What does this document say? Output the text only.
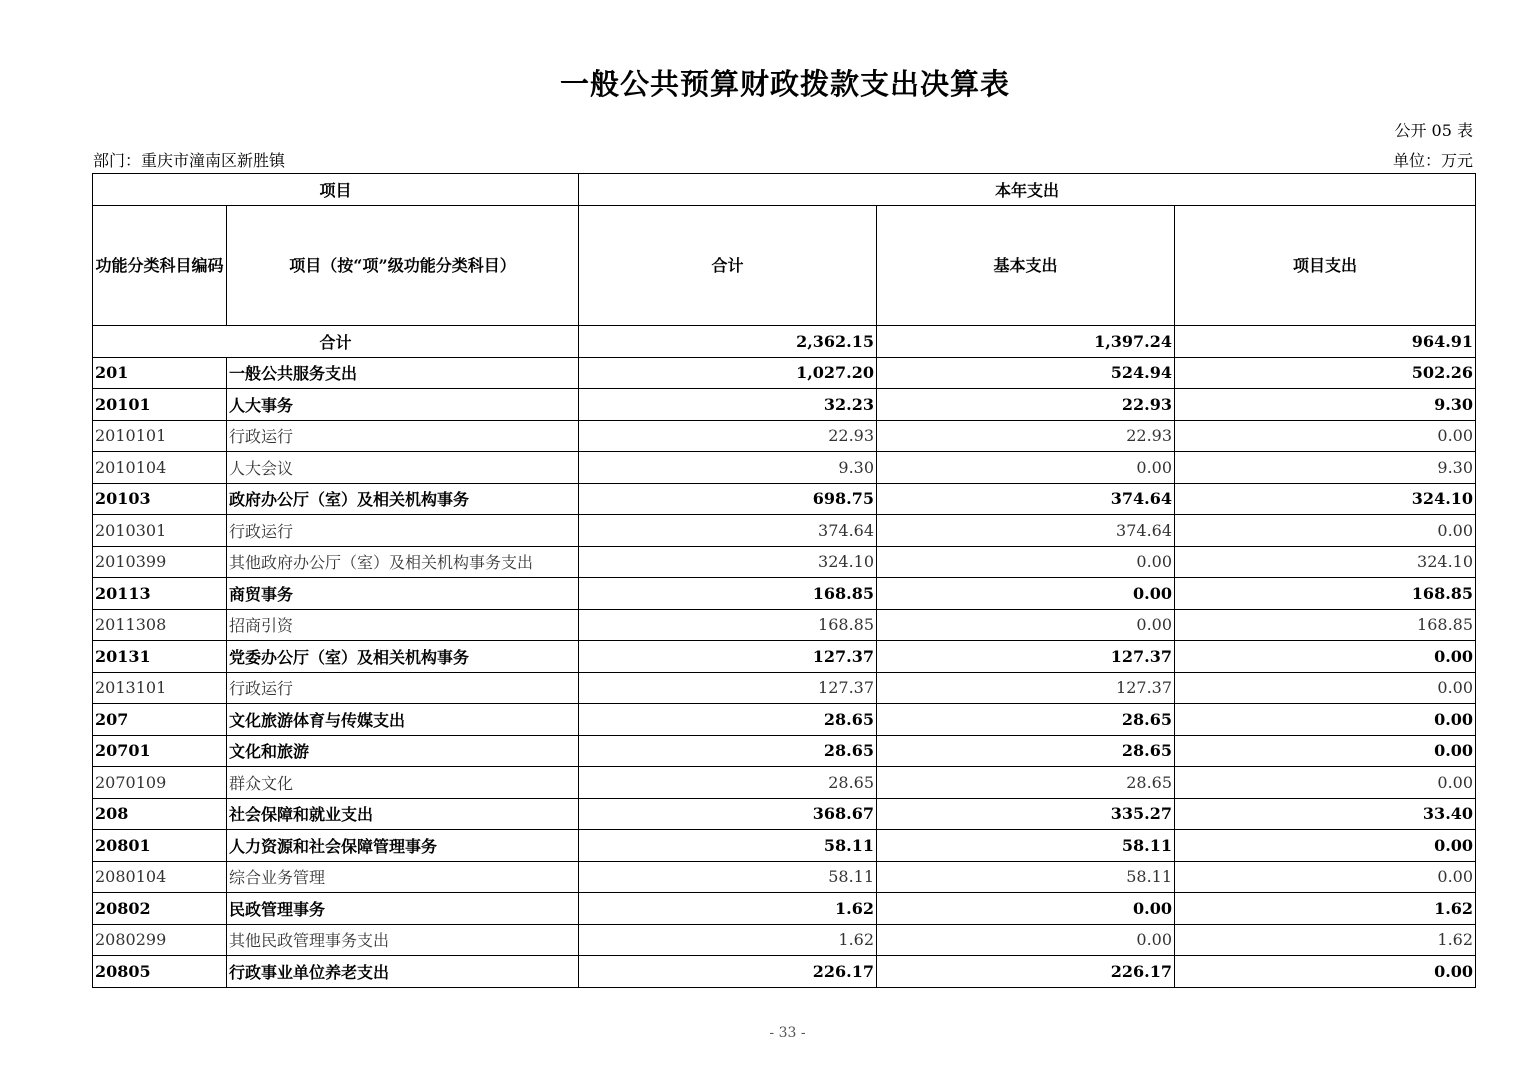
一般公共预算财政拨款支出决算表
公开 05 表
部门：重庆市潼南区新胜镇	单位：万元
项目		本年支出		
功能分类科目编码	项目（按“项”级功能分类科目）	合计	基本支出	项目支出
合计		2,362.15	1,397.24	964.91
201	一般公共服务支出	1,027.20	524.94	502.26
20101	人大事务	32.23	22.93	9.30
2010101	行政运行	22.93	22.93	0.00
2010104	人大会议	9.30	0.00	9.30
20103	政府办公厅（室）及相关机构事务	698.75	374.64	324.10
2010301	行政运行	374.64	374.64	0.00
2010399	其他政府办公厅（室）及相关机构事务支出	324.10	0.00	324.10
20113	商贸事务	168.85	0.00	168.85
2011308	招商引资	168.85	0.00	168.85
20131	党委办公厅（室）及相关机构事务	127.37	127.37	0.00
2013101	行政运行	127.37	127.37	0.00
207	文化旅游体育与传媒支出	28.65	28.65	0.00
20701	文化和旅游	28.65	28.65	0.00
2070109	群众文化	28.65	28.65	0.00
208	社会保障和就业支出	368.67	335.27	33.40
20801	人力资源和社会保障管理事务	58.11	58.11	0.00
2080104	综合业务管理	58.11	58.11	0.00
20802	民政管理事务	1.62	0.00	1.62
2080299	其他民政管理事务支出	1.62	0.00	1.62
20805	行政事业单位养老支出	226.17	226.17	0.00
- 33 -
